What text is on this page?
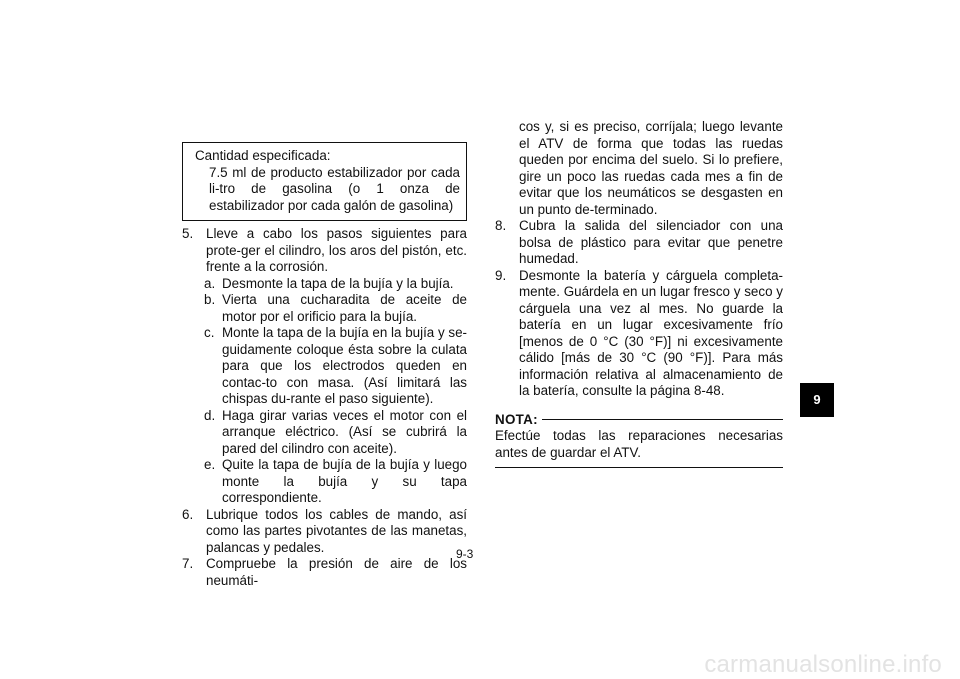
Cantidad especificada:

7.5 ml de producto estabilizador por cada li-tro de gasolina (o 1 onza de estabilizador por cada galón de gasolina)

5. Lleve a cabo los pasos siguientes para prote-ger el cilindro, los aros del pistón, etc. frente a la corrosión.
a. Desmonte la tapa de la bujía y la bujía.
b. Vierta una cucharadita de aceite de motor por el orificio para la bujía.
c. Monte la tapa de la bujía en la bujía y se-guidamente coloque ésta sobre la culata para que los electrodos queden en contac-to con masa. (Así limitará las chispas du-rante el paso siguiente).
d. Haga girar varias veces el motor con el arranque eléctrico. (Así se cubrirá la pared del cilindro con aceite).
e. Quite la tapa de bujía de la bujía y luego monte la bujía y su tapa correspondiente.
6. Lubrique todos los cables de mando, así como las partes pivotantes de las manetas, palancas y pedales.
7. Compruebe la presión de aire de los neumáti-
cos y, si es preciso, corríjala; luego levante el ATV de forma que todas las ruedas queden por encima del suelo. Si lo prefiere, gire un poco las ruedas cada mes a fin de evitar que los neumáticos se desgasten en un punto de-terminado.
8. Cubra la salida del silenciador con una bolsa de plástico para evitar que penetre humedad.
9. Desmonte la batería y cárguela completa-mente. Guárdela en un lugar fresco y seco y cárguela una vez al mes. No guarde la batería en un lugar excesivamente frío [menos de 0 °C (30 °F)] ni excesivamente cálido [más de 30 °C (90 °F)]. Para más información relativa al almacenamiento de la batería, consulte la página 8-48.
NOTA:

Efectúe todas las reparaciones necesarias antes de guardar el ATV.

9-3
9
carmanualsonline.info
